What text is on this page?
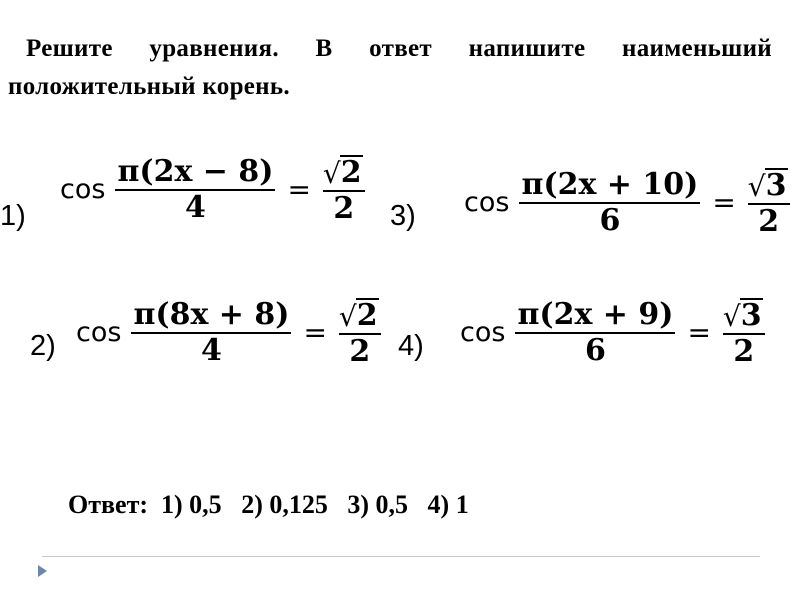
Решите уравнения. В ответ напишите наименьший
положительный корень.
1)
$\cos \frac{\pi(2x - 8)}{4} = \frac{√ 2}{2} 3$) $\cos \frac{\pi(2x + 10)}{6} = \frac{√ 3}{2}$
2) $\cos \frac{\pi(8x + 8)}{4} = \frac{√ 2}{2} 4$) $\cos \frac{\pi(2x + 9)}{6} = \frac{√ 3}{2}$
Ответ: 1) 0,5 2) 0,125 3) 0,5 4) 1
